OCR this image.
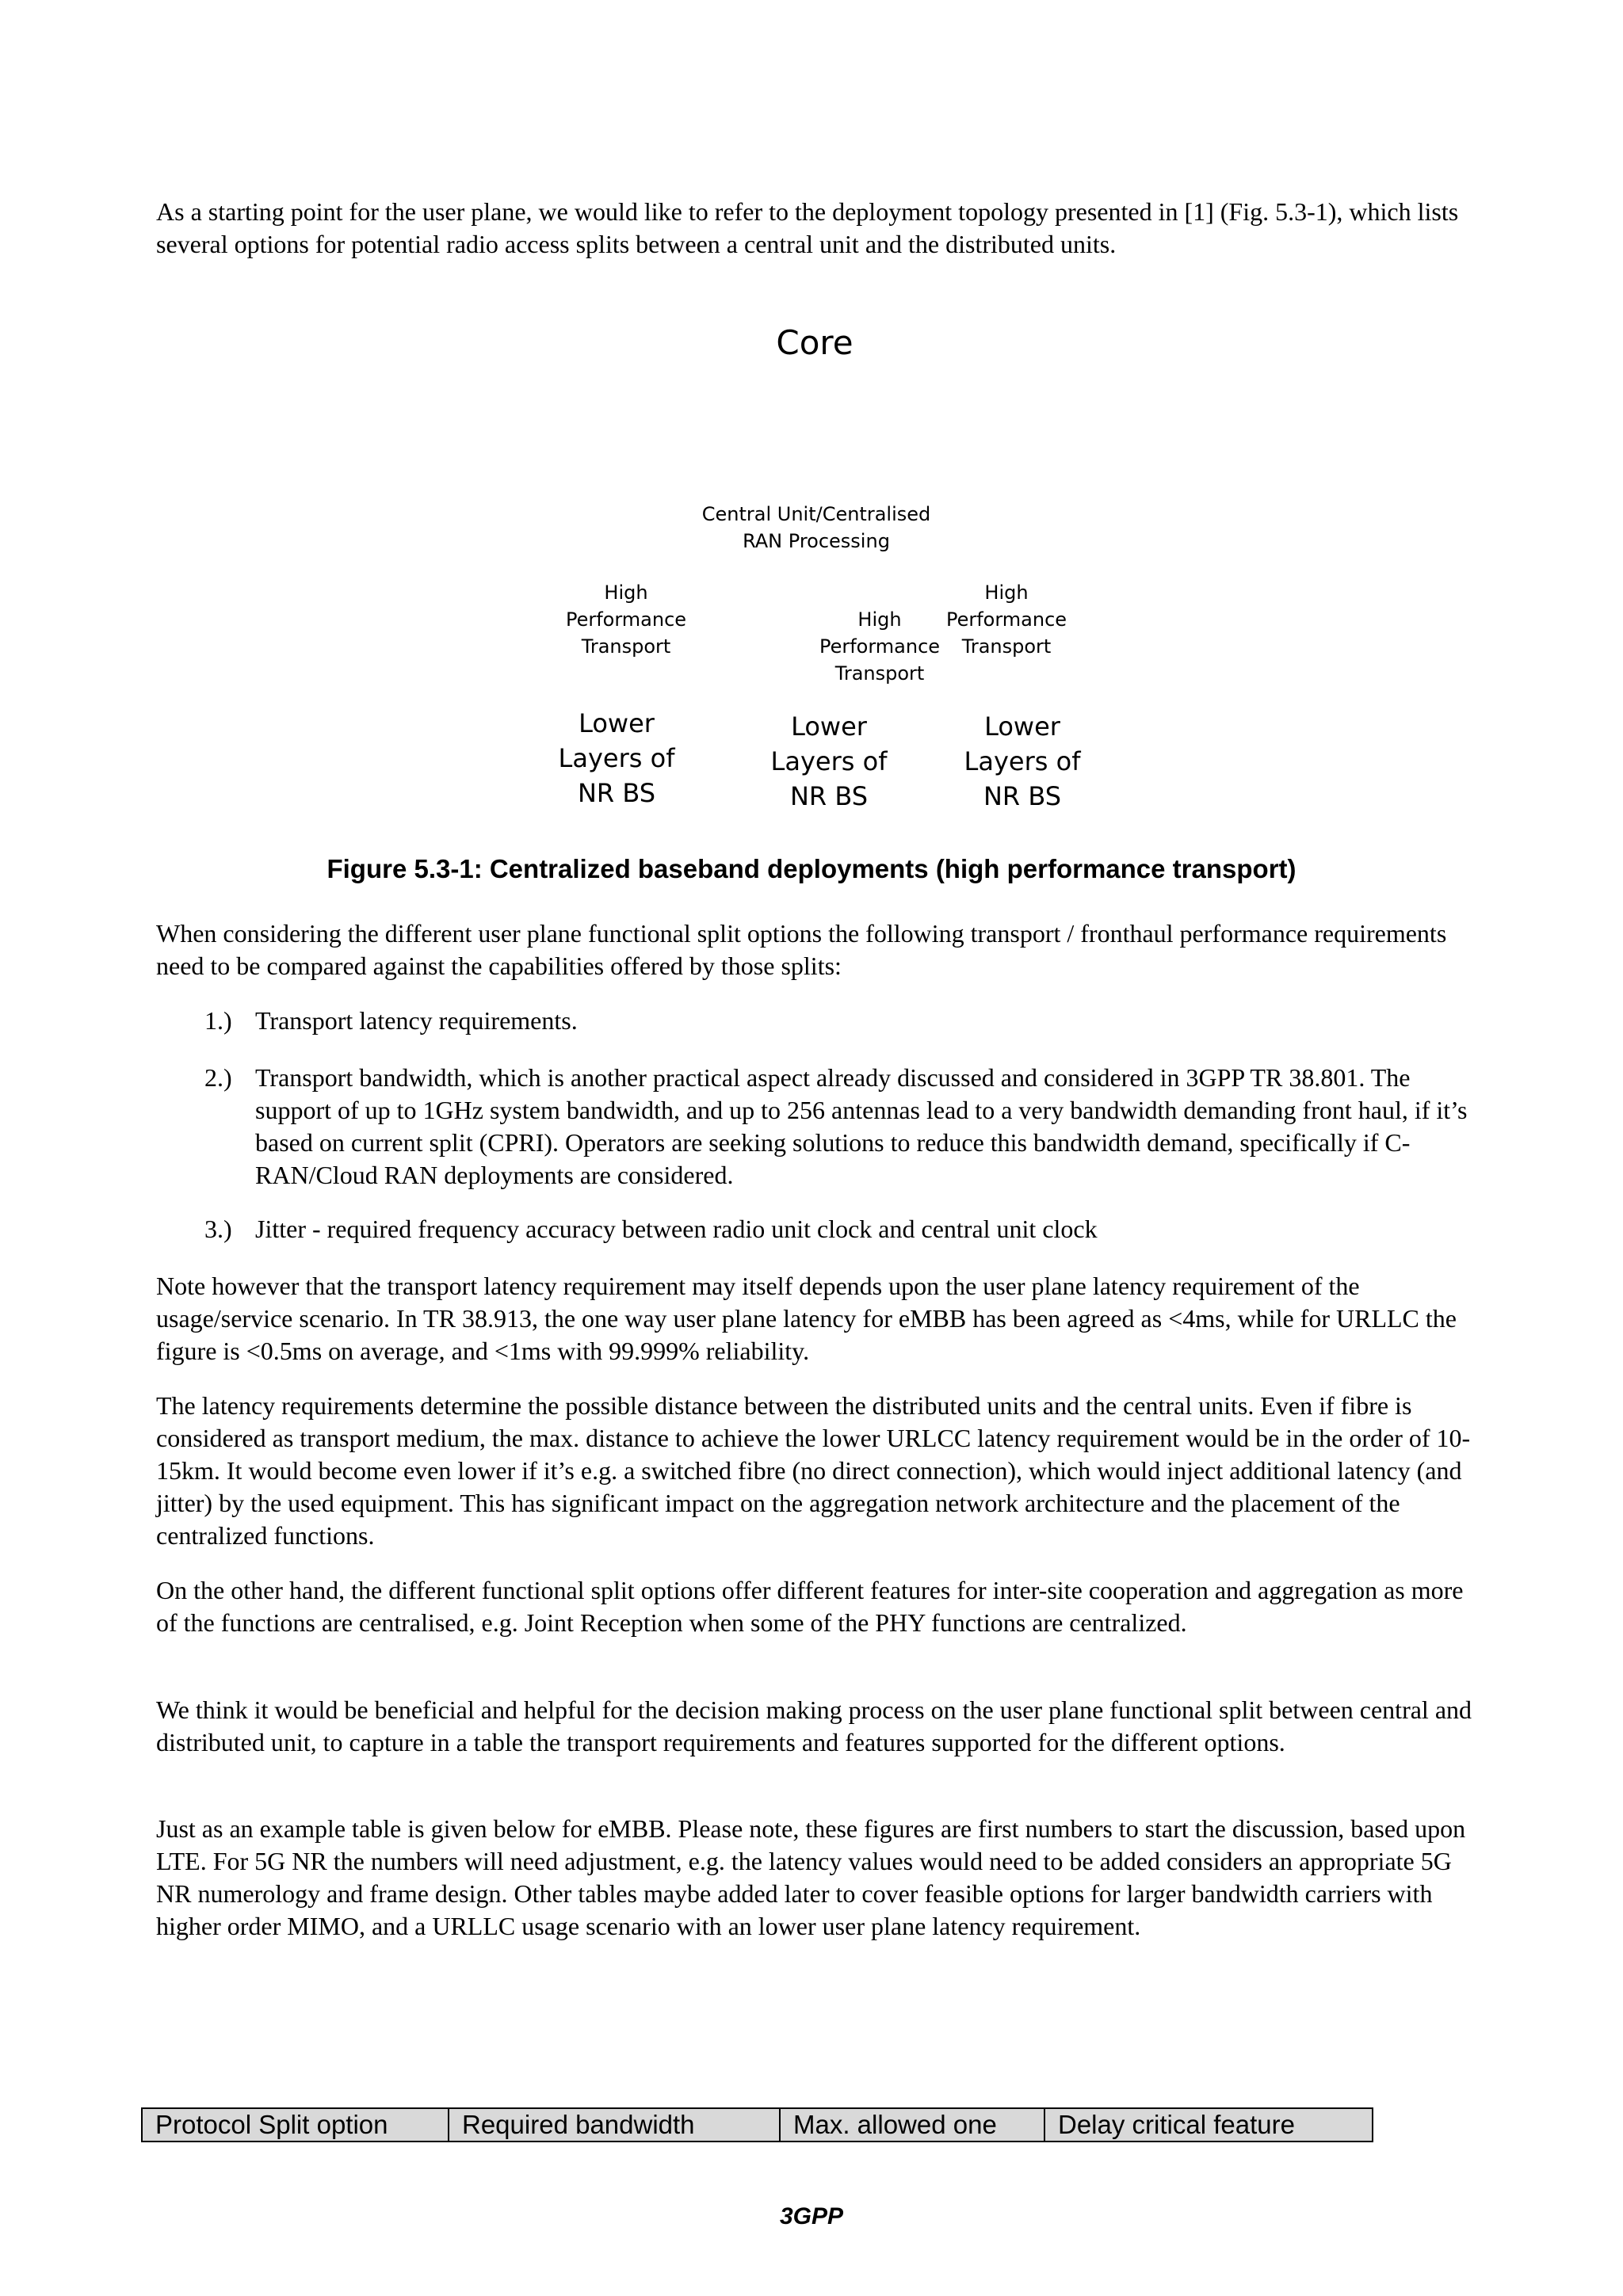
As a starting point for the user plane, we would like to refer to the deployment topology presented in [1] (Fig. 5.3-1), which lists several options for potential radio access splits between a central unit and the distributed units.

Core
Central Unit/Centralised
RAN Processing
High
Performance
Transport
High
Performance
Transport
High
Performance
Transport
Lower
Layers of
NR BS
Lower
Layers of
NR BS
Lower
Layers of
NR BS
Figure 5.3-1: Centralized baseband deployments (high performance transport)

When considering the different user plane functional split options the following transport / fronthaul performance requirements need to be compared against the capabilities offered by those splits:

1.) Transport latency requirements.
2.) Transport bandwidth, which is another practical aspect already discussed and considered in 3GPP TR 38.801. The support of up to 1GHz system bandwidth, and up to 256 antennas lead to a very bandwidth demanding front haul, if it’s based on current split (CPRI). Operators are seeking solutions to reduce this bandwidth demand, specifically if C-RAN/Cloud RAN deployments are considered.
3.) Jitter - required frequency accuracy between radio unit clock and central unit clock

Note however that the transport latency requirement may itself depends upon the user plane latency requirement of the usage/service scenario. In TR 38.913, the one way user plane latency for eMBB has been agreed as <4ms, while for URLLC the figure is <0.5ms on average, and <1ms with 99.999% reliability.

The latency requirements determine the possible distance between the distributed units and the central units. Even if fibre is considered as transport medium, the max. distance to achieve the lower URLCC latency requirement would be in the order of 10-15km. It would become even lower if it’s e.g. a switched fibre (no direct connection), which would inject additional latency (and jitter) by the used equipment. This has significant impact on the aggregation network architecture and the placement of the centralized functions.

On the other hand, the different functional split options offer different features for inter-site cooperation and aggregation as more of the functions are centralised, e.g. Joint Reception when some of the PHY functions are centralized.

We think it would be beneficial and helpful for the decision making process on the user plane functional split between central and distributed unit, to capture in a table the transport requirements and features supported for the different options.

Just as an example table is given below for eMBB. Please note, these figures are first numbers to start the discussion, based upon LTE. For 5G NR the numbers will need adjustment, e.g. the latency values would need to be added considers an appropriate 5G NR numerology and frame design. Other tables maybe added later to cover feasible options for larger bandwidth carriers with higher order MIMO, and a URLLC usage scenario with an lower user plane latency requirement.

Protocol Split option	Required bandwidth	Max. allowed one	Delay critical feature
3GPP
